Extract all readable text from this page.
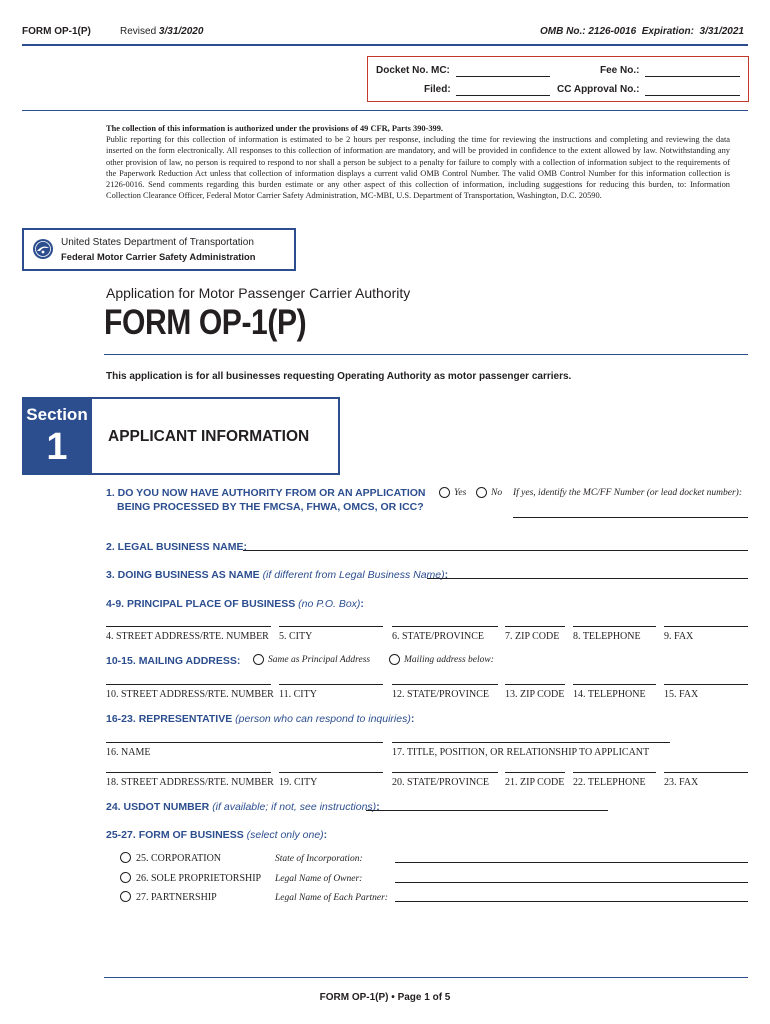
FORM OP-1(P)	Revised 3/31/2020	OMB No.: 2126-0016  Expiration:  3/31/2021
Docket No. MC:	Fee No.:
Filed:	CC Approval No.:
The collection of this information is authorized under the provisions of 49 CFR, Parts 390-399.
Public reporting for this collection of information is estimated to be 2 hours per response, including the time for reviewing the instructions and completing and reviewing the data inserted on the form electronically. All responses to this collection of information are mandatory, and will be provided in confidence to the extent allowed by law. Notwithstanding any other provision of law, no person is required to respond to nor shall a person be subject to a penalty for failure to comply with a collection of information subject to the requirements of the Paperwork Reduction Act unless that collection of information displays a current valid OMB Control Number. The valid OMB Control Number for this information collection is 2126-0016. Send comments regarding this burden estimate or any other aspect of this collection of information, including suggestions for reducing this burden, to: Information Collection Clearance Officer, Federal Motor Carrier Safety Administration, MC-MBI, U.S. Department of Transportation, Washington, D.C. 20590.
United States Department of Transportation
Federal Motor Carrier Safety Administration
Application for Motor Passenger Carrier Authority
FORM OP-1(P)
This application is for all businesses requesting Operating Authority as motor passenger carriers.
Section
1	APPLICANT INFORMATION
1. DO YOU NOW HAVE AUTHORITY FROM OR AN APPLICATION
BEING PROCESSED BY THE FMCSA, FHWA, OMCS, OR ICC?
Yes	No If yes, identify the MC/FF Number (or lead docket number):
2. LEGAL BUSINESS NAME:
3. DOING BUSINESS AS NAME (if different from Legal Business Name):
4-9. PRINCIPAL PLACE OF BUSINESS (no P.O. Box):
4. STREET ADDRESS/RTE. NUMBER 5. CITY	6. STATE/PROVINCE 7. ZIP CODE 8. TELEPHONE 9. FAX
10-15. MAILING ADDRESS:	Same as Principal Address	Mailing address below:
10. STREET ADDRESS/RTE. NUMBER 11. CITY	12. STATE/PROVINCE 13. ZIP CODE 14. TELEPHONE 15. FAX
16-23. REPRESENTATIVE (person who can respond to inquiries):
16. NAME	17. TITLE, POSITION, OR RELATIONSHIP TO APPLICANT
18. STREET ADDRESS/RTE. NUMBER 19. CITY	20. STATE/PROVINCE 21. ZIP CODE 22. TELEPHONE 23. FAX
24. USDOT NUMBER (if available; if not, see instructions):
25-27. FORM OF BUSINESS (select only one):
25. CORPORATION	State of Incorporation:
26. SOLE PROPRIETORSHIP Legal Name of Owner:
27. PARTNERSHIP	Legal Name of Each Partner:
FORM OP-1(P) • Page 1 of 5
